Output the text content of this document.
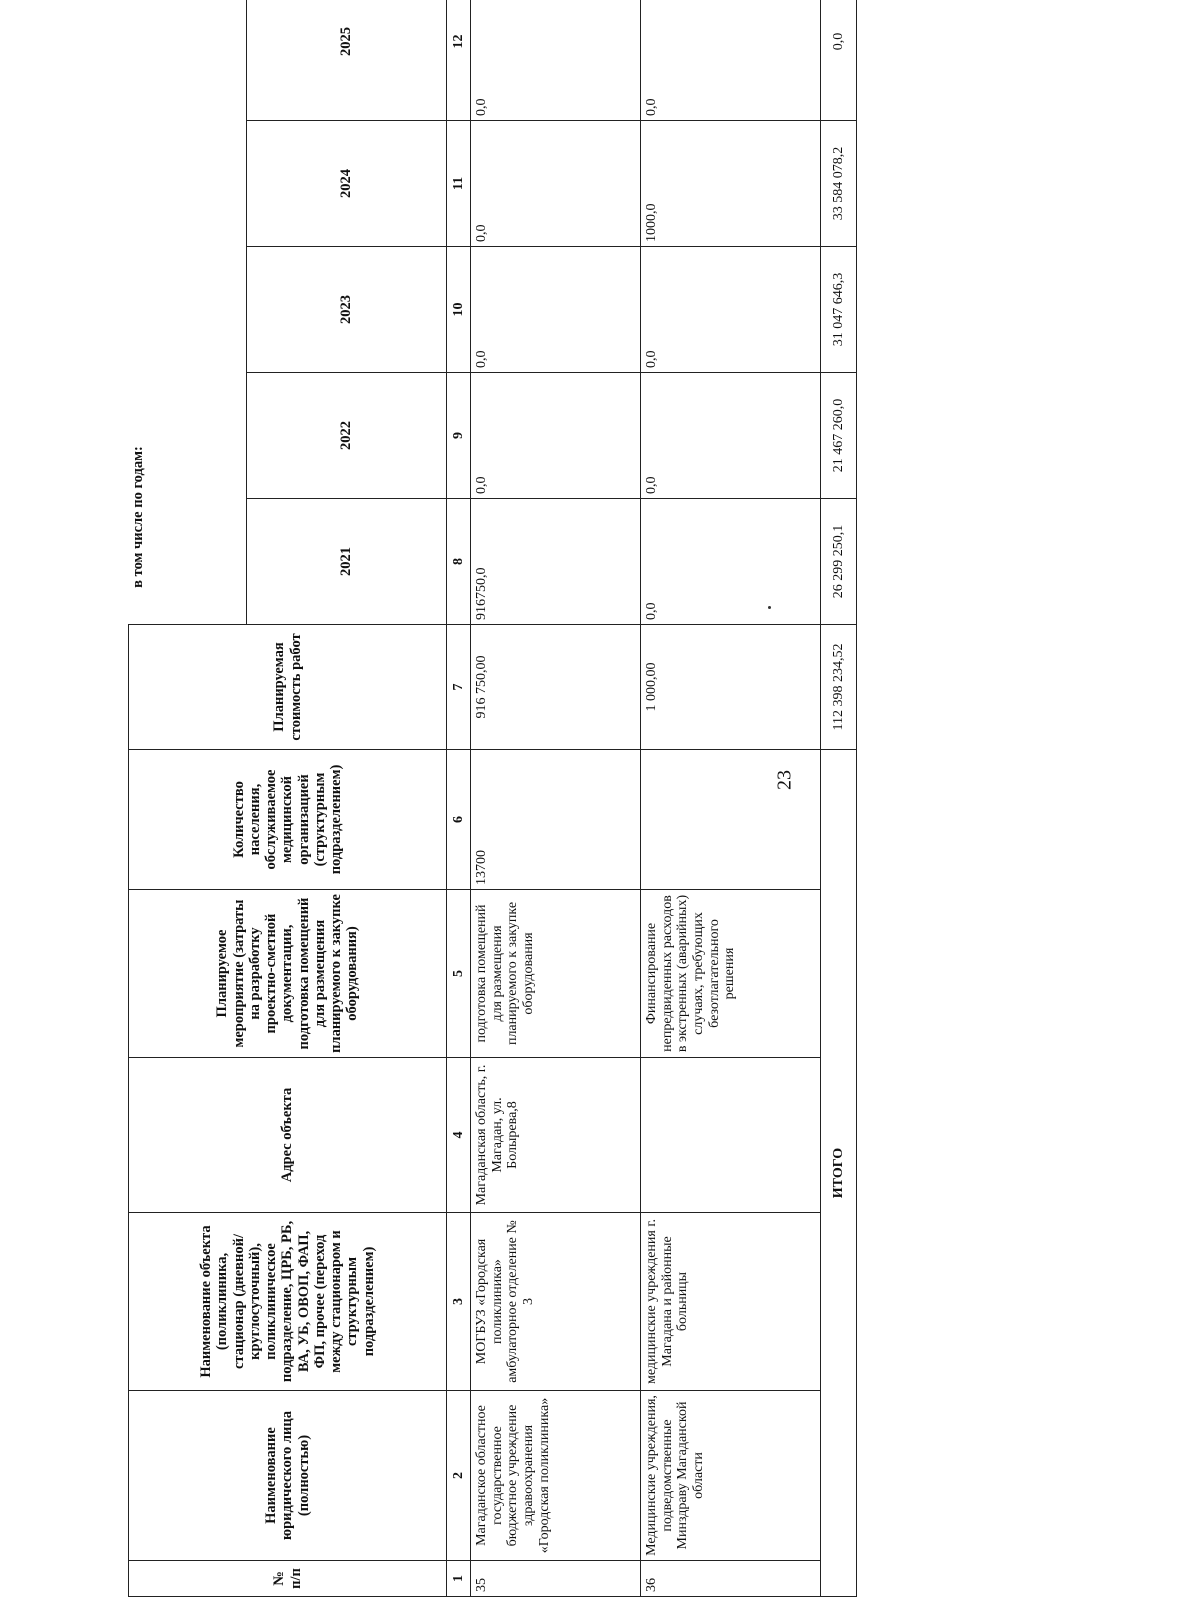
23
№ п/п	Наименование юридического лица (полностью)	Наименование объекта (поликлиника, стационар (дневной/круглосуточный), поликлиническое подразделение, ЦРБ, РБ, ВА, УБ, ОВОП, ФАП, ФП, прочее (переход между стационаром и структурным подразделением)	Адрес объекта	Планируемое мероприятие (затраты на разработку проектно-сметной документации, подготовка помещений для размещения планируемого к закупке оборудования)	Количество населения, обслуживаемое медицинской организацией (структурным подразделением)	Планируемая стоимость работ					
							2021	2022	2023	2024	2025
1	2	3	4	5	6	7	8	9	10	11	12
35	Магаданское областное государственное бюджетное учреждение здравоохранения «Городская поликлиника»	МОГБУЗ «Городская поликлиника» амбулаторное отделение № 3	Магаданская область, г. Магадан, ул. Болырева,8	подготовка помещений для размещения планируемого к закупке оборудования	13700	916 750,00	916750,0	0,0	0,0	0,0	0,0
36	Медицинские учреждения, подведомственные Минздраву Магаданской области	медицинские учреждения г. Магадана и районные больницы		Финансирование непредвиденных расходов в экстренных (аварийных) случаях, требующих безотлагательного решения		1 000,00	0,0	0,0	0,0	1000,0	0,0
ИТОГО						112 398 234,52	26 299 250,1	21 467 260,0	31 047 646,3	33 584 078,2	0,0
в том числе по годам:
